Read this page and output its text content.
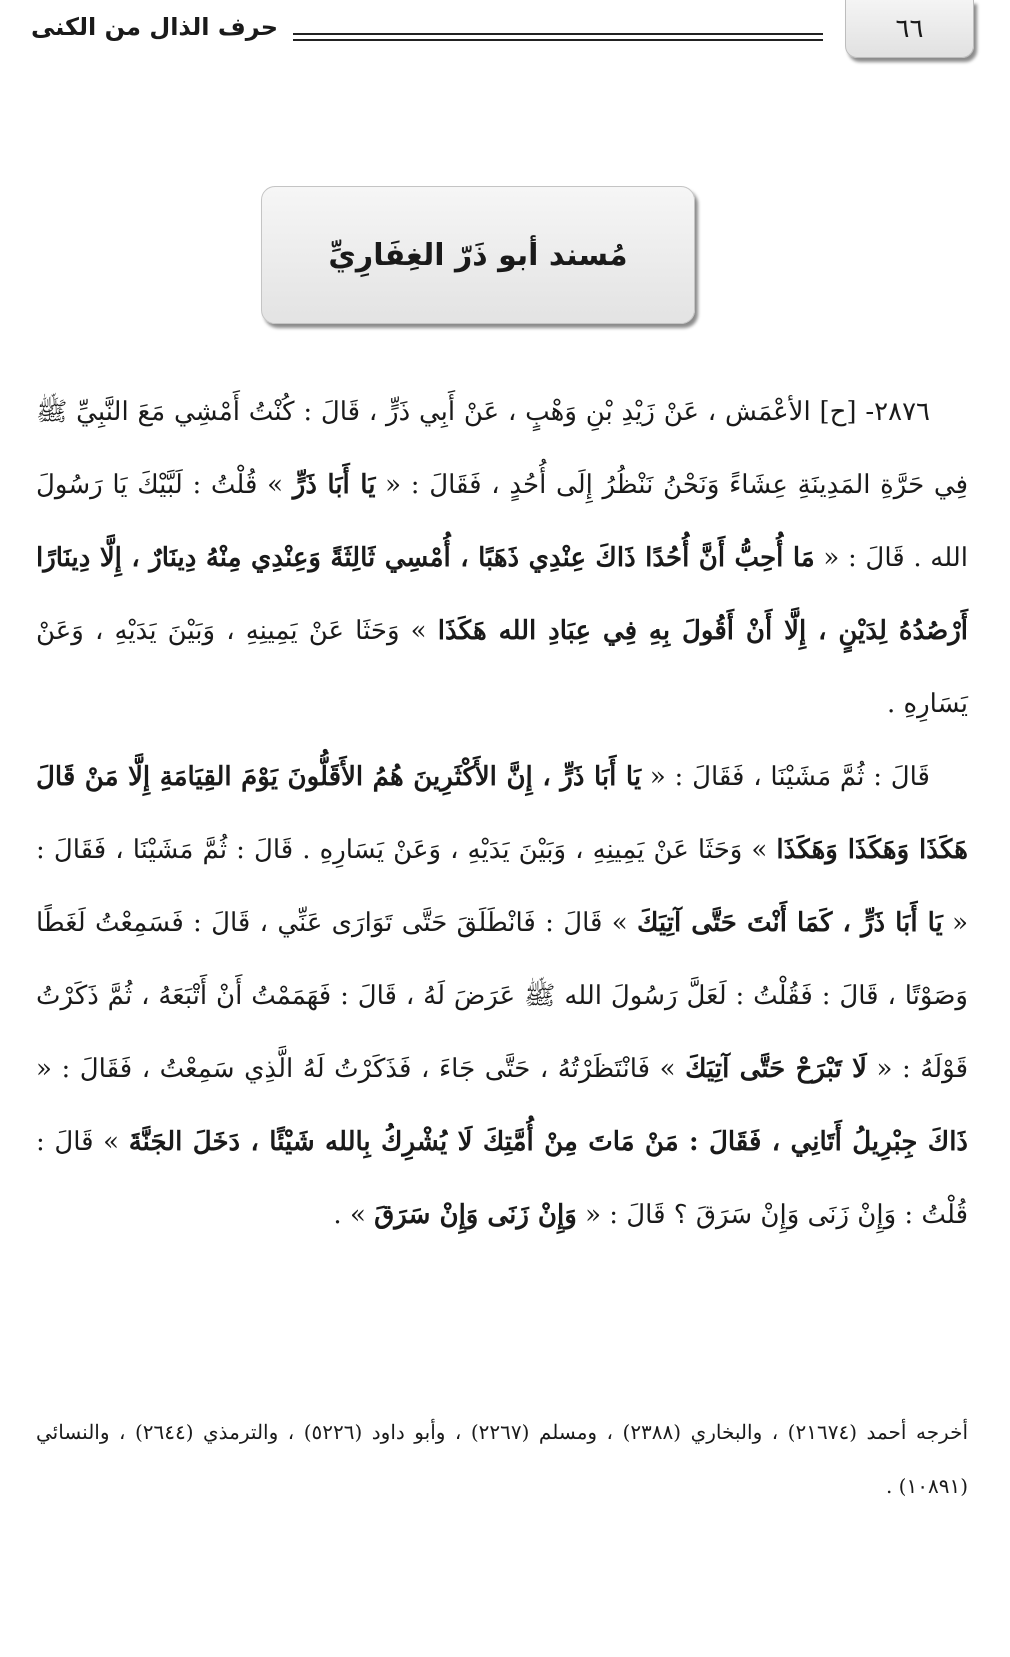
٦٦
حرف الذال من الكنى
مُسند أبو ذَرّ الغِفَارِيِّ

٢٨٧٦- [ح] الأعْمَش ، عَنْ زَيْدِ بْنِ وَهْبٍ ، عَنْ أَبِي ذَرٍّ ، قَالَ : كُنْتُ أَمْشِي مَعَ النَّبِيِّ ﷺ فِي حَرَّةِ المَدِينَةِ عِشَاءً وَنَحْنُ نَنْظُرُ إِلَى أُحُدٍ ، فَقَالَ : « يَا أَبَا ذَرٍّ » قُلْتُ : لَبَّيْكَ يَا رَسُولَ الله . قَالَ : « مَا أُحِبُّ أَنَّ أُحُدًا ذَاكَ عِنْدِي ذَهَبًا ، أُمْسِي ثَالِثَةً وَعِنْدِي مِنْهُ دِينَارٌ ، إِلَّا دِينَارًا أَرْصُدُهُ لِدَيْنٍ ، إِلَّا أَنْ أَقُولَ بِهِ فِي عِبَادِ الله هَكَذَا » وَحَثَا عَنْ يَمِينِهِ ، وَبَيْنَ يَدَيْهِ ، وَعَنْ يَسَارِهِ .

قَالَ : ثُمَّ مَشَيْنَا ، فَقَالَ : « يَا أَبَا ذَرٍّ ، إِنَّ الأَكْثَرِينَ هُمُ الأَقَلُّونَ يَوْمَ القِيَامَةِ إِلَّا مَنْ قَالَ هَكَذَا وَهَكَذَا وَهَكَذَا » وَحَثَا عَنْ يَمِينِهِ ، وَبَيْنَ يَدَيْهِ ، وَعَنْ يَسَارِهِ . قَالَ : ثُمَّ مَشَيْنَا ، فَقَالَ : « يَا أَبَا ذَرٍّ ، كَمَا أَنْتَ حَتَّى آتِيَكَ » قَالَ : فَانْطَلَقَ حَتَّى تَوَارَى عَنِّي ، قَالَ : فَسَمِعْتُ لَغَطًا وَصَوْتًا ، قَالَ : فَقُلْتُ : لَعَلَّ رَسُولَ الله ﷺ عَرَضَ لَهُ ، قَالَ : فَهَمَمْتُ أَنْ أَتْبَعَهُ ، ثُمَّ ذَكَرْتُ قَوْلَهُ : « لَا تَبْرَحْ حَتَّى آتِيَكَ » فَانْتَظَرْتُهُ ، حَتَّى جَاءَ ، فَذَكَرْتُ لَهُ الَّذِي سَمِعْتُ ، فَقَالَ : « ذَاكَ جِبْرِيلُ أَتَانِي ، فَقَالَ : مَنْ مَاتَ مِنْ أُمَّتِكَ لَا يُشْرِكُ بِالله شَيْئًا ، دَخَلَ الجَنَّةَ » قَالَ : قُلْتُ : وَإِنْ زَنَى وَإِنْ سَرَقَ ؟ قَالَ : « وَإِنْ زَنَى وَإِنْ سَرَقَ » .

أخرجه أحمد (٢١٦٧٤) ، والبخاري (٢٣٨٨) ، ومسلم (٢٢٦٧) ، وأبو داود (٥٢٢٦) ، والترمذي (٢٦٤٤) ، والنسائي (١٠٨٩١) .
